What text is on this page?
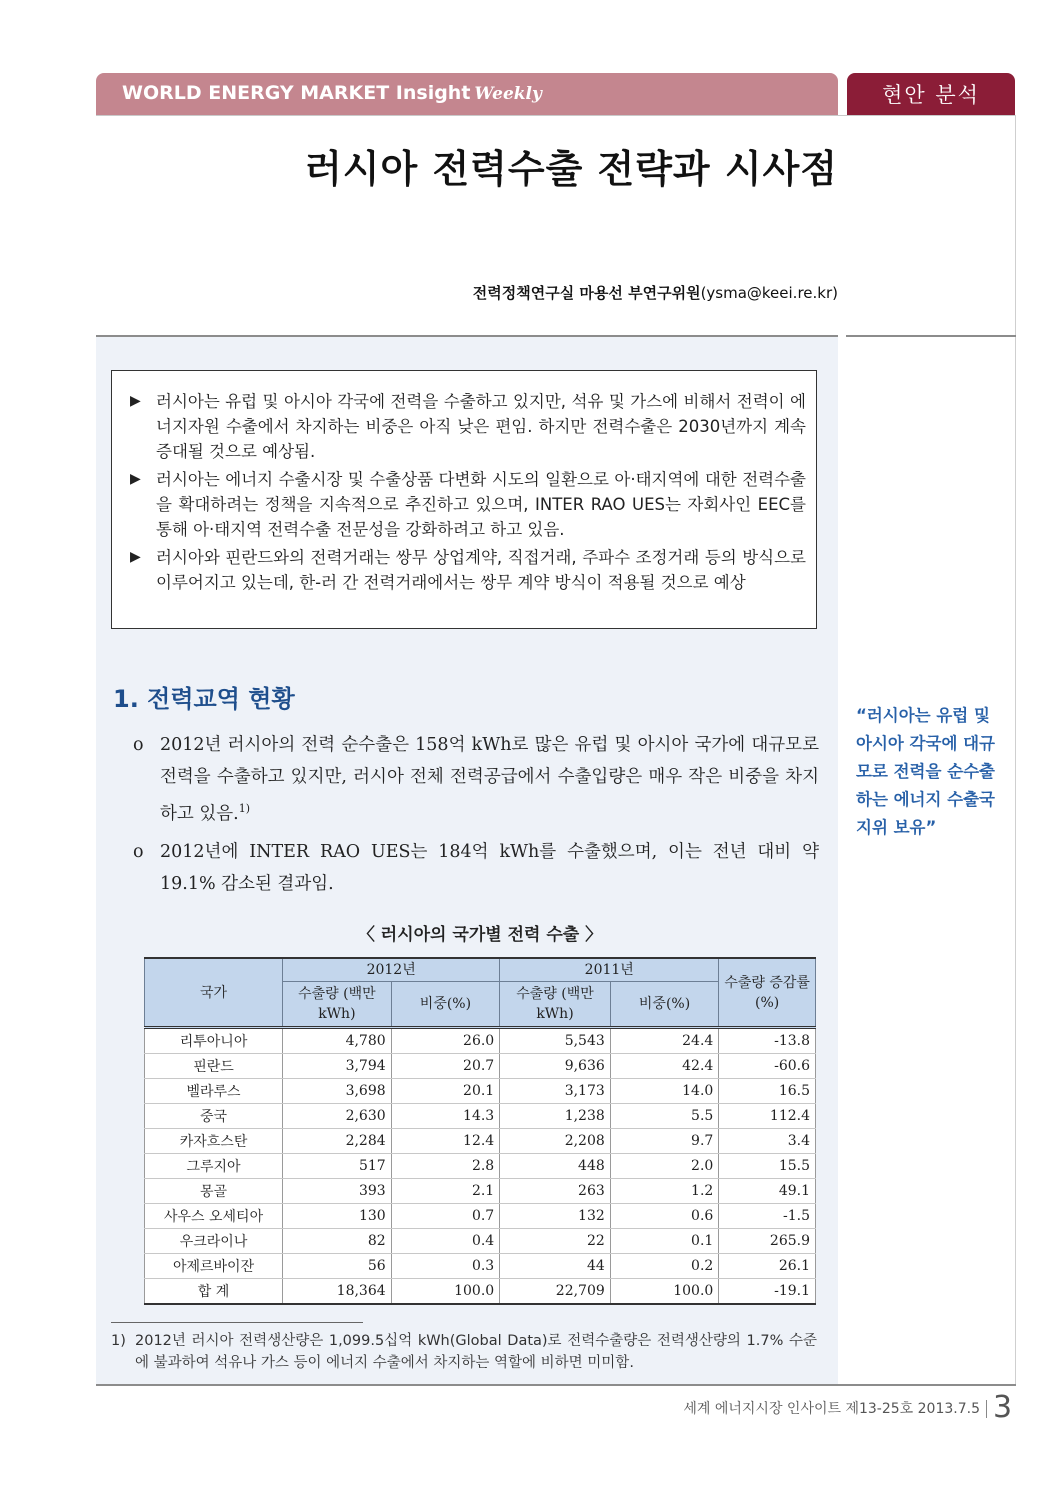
WORLD ENERGY MARKET Insight Weekly	현안 분석
러시아 전력수출 전략과 시사점
전력정책연구실 마용선 부연구위원(ysma@keei.re.kr)
▶ 러시아는 유럽 및 아시아 각국에 전력을 수출하고 있지만, 석유 및 가스에 비해서 전력이 에너지자원 수출에서 차지하는 비중은 아직 낮은 편임. 하지만 전력수출은 2030년까지 계속 증대될 것으로 예상됨.
▶ 러시아는 에너지 수출시장 및 수출상품 다변화 시도의 일환으로 아·태지역에 대한 전력수출을 확대하려는 정책을 지속적으로 추진하고 있으며, INTER RAO UES는 자회사인 EEC를 통해 아·태지역 전력수출 전문성을 강화하려고 하고 있음.
▶ 러시아와 핀란드와의 전력거래는 쌍무 상업계약, 직접거래, 주파수 조정거래 등의 방식으로 이루어지고 있는데, 한-러 간 전력거래에서는 쌍무 계약 방식이 적용될 것으로 예상
1. 전력교역 현황
o 2012년 러시아의 전력 순수출은 158억 kWh로 많은 유럽 및 아시아 국가에 대규모로 전력을 수출하고 있지만, 러시아 전체 전력공급에서 수출입량은 매우 작은 비중을 차지하고 있음.$^{1)}$
o 2012년에 INTER RAO UES는 184억 kWh를 수출했으며, 이는 전년 대비 약 19.1% 감소된 결과임.
“러시아는 유럽 및 아시아 각국에 대규모로 전력을 순수출하는 에너지 수출국 지위 보유”
〈 러시아의 국가별 전력 수출 〉
국가	2012년		2011년		수출량 증감률(%)
	수출량 (백만 kWh)	비중(%)	수출량 (백만 kWh)	비중(%)	
리투아니아	4,780	26.0	5,543	24.4	-13.8
핀란드	3,794	20.7	9,636	42.4	-60.6
벨라루스	3,698	20.1	3,173	14.0	16.5
중국	2,630	14.3	1,238	5.5	112.4
카자흐스탄	2,284	12.4	2,208	9.7	3.4
그루지아	517	2.8	448	2.0	15.5
몽골	393	2.1	263	1.2	49.1
사우스 오세티아	130	0.7	132	0.6	-1.5
우크라이나	82	0.4	22	0.1	265.9
아제르바이잔	56	0.3	44	0.2	26.1
합 계	18,364	100.0	22,709	100.0	-19.1
1) 2012년 러시아 전력생산량은 1,099.5십억 kWh(Global Data)로 전력수출량은 전력생산량의 1.7% 수준에 불과하여 석유나 가스 등이 에너지 수출에서 차지하는 역할에 비하면 미미함.
세계 에너지시장 인사이트 제13-25호 2013.7.5 3
